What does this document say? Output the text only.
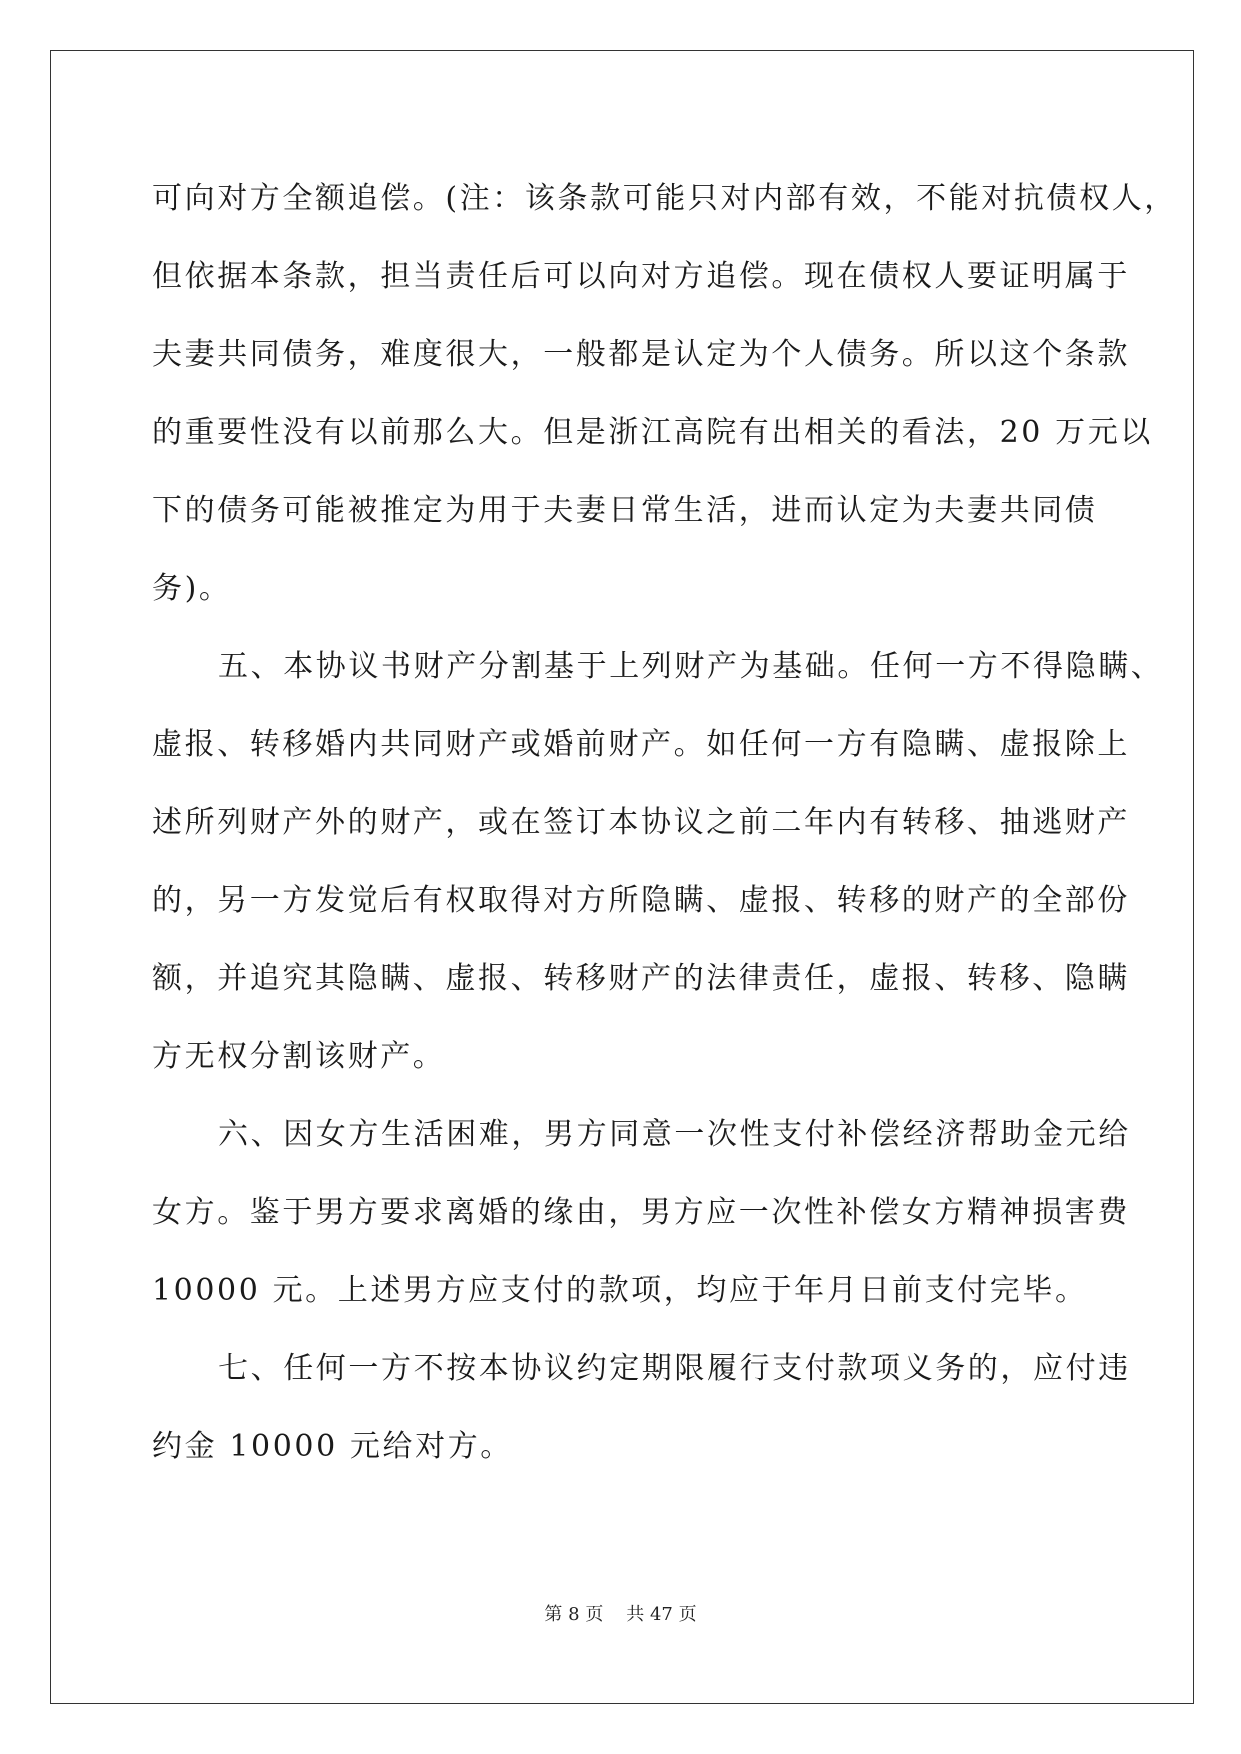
可向对方全额追偿。(注：该条款可能只对内部有效，不能对抗债权人，

但依据本条款，担当责任后可以向对方追偿。现在债权人要证明属于

夫妻共同债务，难度很大，一般都是认定为个人债务。所以这个条款

的重要性没有以前那么大。但是浙江高院有出相关的看法，20 万元以

下的债务可能被推定为用于夫妻日常生活，进而认定为夫妻共同债

务)。

五、本协议书财产分割基于上列财产为基础。任何一方不得隐瞒、

虚报、转移婚内共同财产或婚前财产。如任何一方有隐瞒、虚报除上

述所列财产外的财产，或在签订本协议之前二年内有转移、抽逃财产

的，另一方发觉后有权取得对方所隐瞒、虚报、转移的财产的全部份

额，并追究其隐瞒、虚报、转移财产的法律责任，虚报、转移、隐瞒

方无权分割该财产。

六、因女方生活困难，男方同意一次性支付补偿经济帮助金元给

女方。鉴于男方要求离婚的缘由，男方应一次性补偿女方精神损害费

10000 元。上述男方应支付的款项，均应于年月日前支付完毕。

七、任何一方不按本协议约定期限履行支付款项义务的，应付违

约金 10000 元给对方。

第 8 页 共 47 页
